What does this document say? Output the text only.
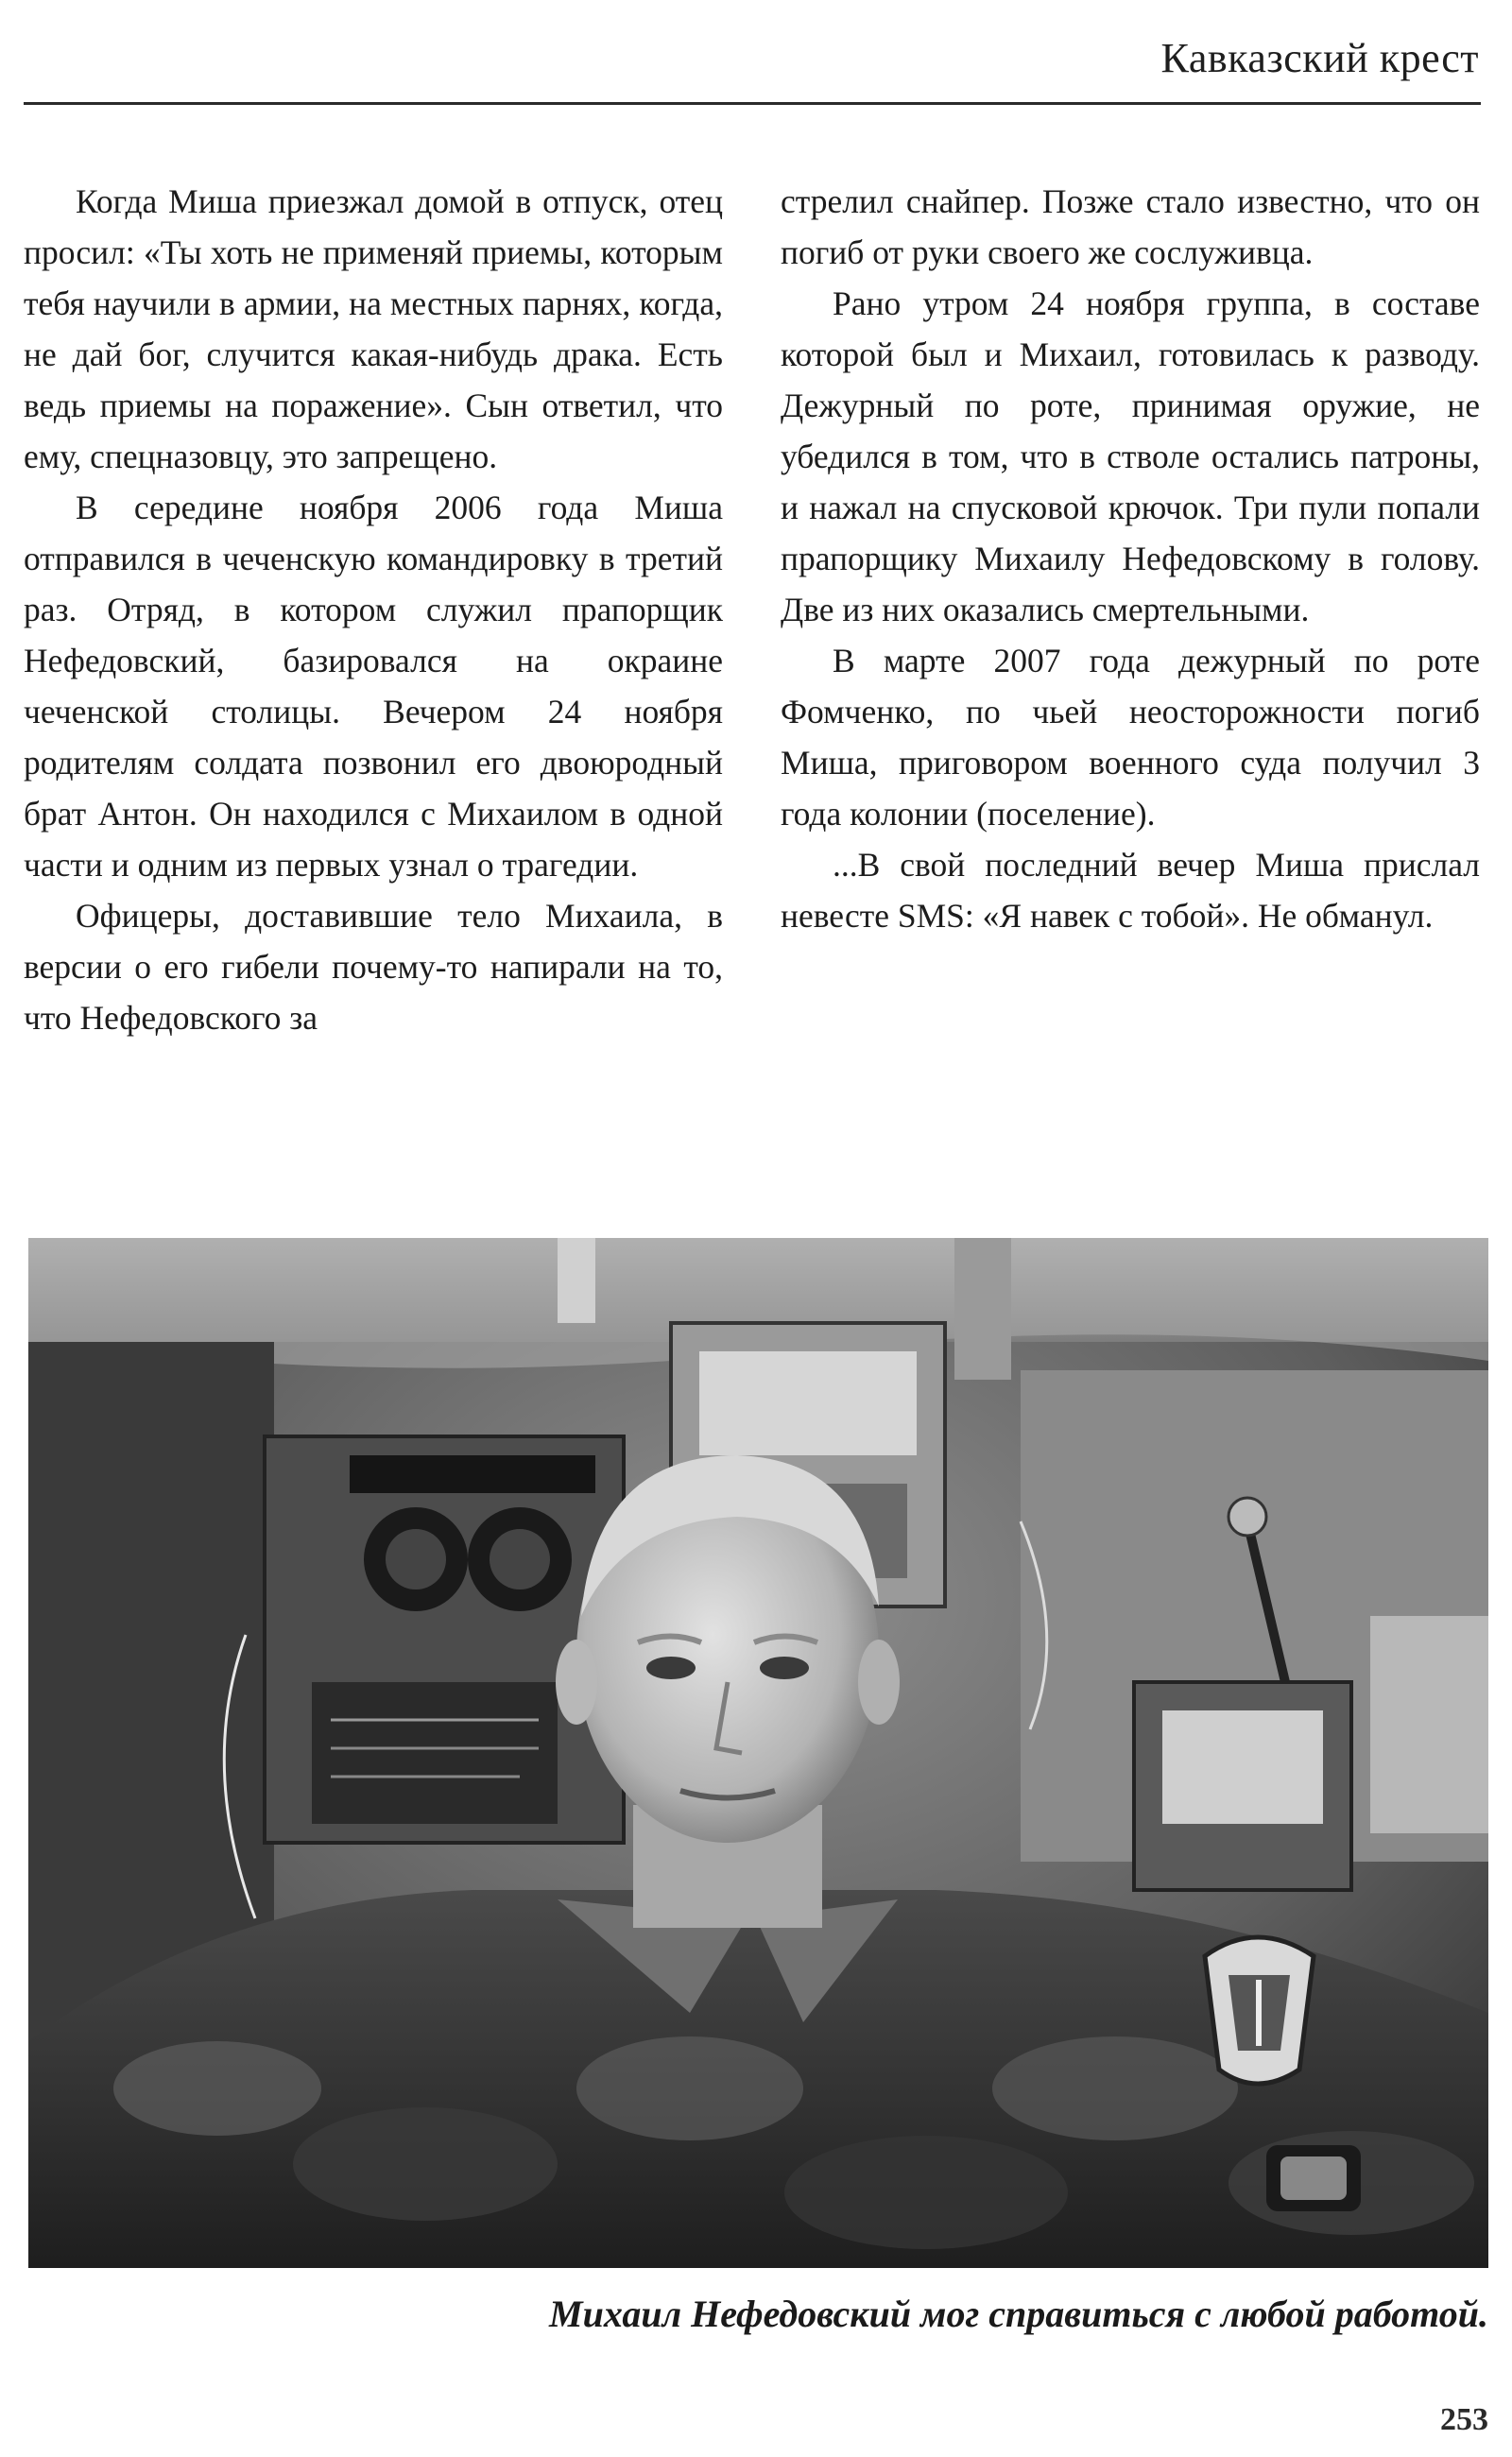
Кавказский крест

Когда Миша приезжал домой в отпуск, отец просил: «Ты хоть не применяй приемы, которым тебя научили в армии, на местных парнях, когда, не дай бог, случится какая-нибудь драка. Есть ведь приемы на поражение». Сын ответил, что ему, спецназовцу, это запрещено.

В середине ноября 2006 года Миша отправился в чеченскую командировку в третий раз. Отряд, в котором служил прапорщик Нефедовский, базировался на окраине чеченской столицы. Вечером 24 ноября родителям солдата позвонил его двоюродный брат Антон. Он находился с Михаилом в одной части и одним из первых узнал о трагедии.

Офицеры, доставившие тело Михаила, в версии о его гибели почему-то напирали на то, что Нефедовского за

стрелил снайпер. Позже стало известно, что он погиб от руки своего же сослуживца.

Рано утром 24 ноября группа, в составе которой был и Михаил, готовилась к разводу. Дежурный по роте, принимая оружие, не убедился в том, что в стволе остались патроны, и нажал на спусковой крючок. Три пули попали прапорщику Михаилу Нефедовскому в голову. Две из них оказались смертельными.

В марте 2007 года дежурный по роте Фомченко, по чьей неосторожности погиб Миша, приговором военного суда получил 3 года колонии (поселение).

...В свой последний вечер Миша прислал невесте SMS: «Я навек с тобой». Не обманул.

Михаил Нефедовский мог справиться с любой работой.
253
